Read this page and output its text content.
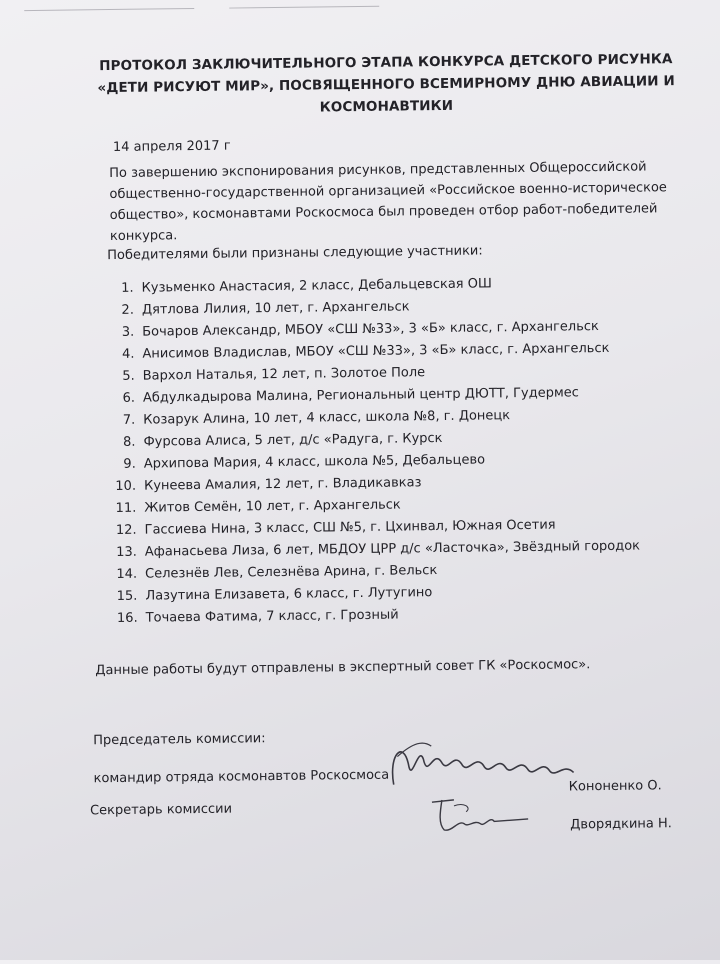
ПРОТОКОЛ ЗАКЛЮЧИТЕЛЬНОГО ЭТАПА КОНКУРСА ДЕТСКОГО РИСУНКА «ДЕТИ РИСУЮТ МИР», ПОСВЯЩЕННОГО ВСЕМИРНОМУ ДНЮ АВИАЦИИ И КОСМОНАВТИКИ
14 апреля 2017 г
По завершению экспонирования рисунков, представленных Общероссийской общественно-государственной организацией «Российское военно-историческое общество», космонавтами Роскосмоса был проведен отбор работ-победителей конкурса.
Победителями были признаны следующие участники:
1. Кузьменко Анастасия, 2 класс, Дебальцевская ОШ
2. Дятлова Лилия, 10 лет, г. Архангельск
3. Бочаров Александр, МБОУ «СШ №33», 3 «Б» класс, г. Архангельск
4. Анисимов Владислав, МБОУ «СШ №33», 3 «Б» класс, г. Архангельск
5. Вархол Наталья, 12 лет, п. Золотое Поле
6. Абдулкадырова Малина, Региональный центр ДЮТТ, Гудермес
7. Козарук Алина, 10 лет, 4 класс, школа №8, г. Донецк
8. Фурсова Алиса, 5 лет, д/с «Радуга, г. Курск
9. Архипова Мария, 4 класс, школа №5, Дебальцево
10. Кунеева Амалия, 12 лет, г. Владикавказ
11. Житов Семён, 10 лет, г. Архангельск
12. Гассиева Нина, 3 класс, СШ №5, г. Цхинвал, Южная Осетия
13. Афанасьева Лиза, 6 лет, МБДОУ ЦРР д/с «Ласточка», Звёздный городок
14. Селезнёв Лев, Селезнёва Арина, г. Вельск
15. Лазутина Елизавета, 6 класс, г. Лутугино
16. Точаева Фатима, 7 класс, г. Грозный
Данные работы будут отправлены в экспертный совет ГК «Роскосмос».
Председатель комиссии:
командир отряда космонавтов Роскосмоса
Секретарь комиссии
Кононенко О.
Дворядкина Н.
